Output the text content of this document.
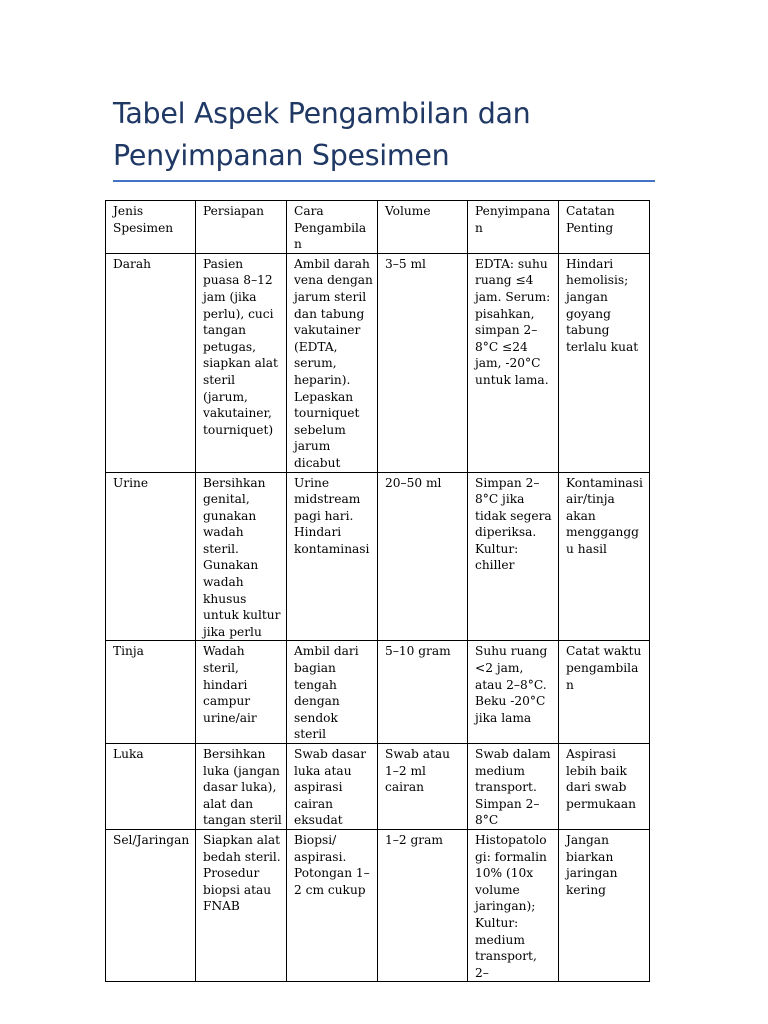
Tabel Aspek Pengambilan dan Penyimpanan Spesimen
Jenis Spesimen	Persiapan	Cara Pengambilan	Volume	Penyimpanan	Catatan Penting
Darah	Pasien puasa 8–12 jam (jika perlu), cuci tangan petugas, siapkan alat steril (jarum, vakutainer, tourniquet)	Ambil darah vena dengan jarum steril dan tabung vakutainer (EDTA, serum, heparin). Lepaskan tourniquet sebelum jarum dicabut	3–5 ml	EDTA: suhu ruang ≤4 jam. Serum: pisahkan, simpan 2–8°C ≤24 jam, -20°C untuk lama.	Hindari hemolisis; jangan goyang tabung terlalu kuat
Urine	Bersihkan genital, gunakan wadah steril. Gunakan wadah khusus untuk kultur jika perlu	Urine midstream pagi hari. Hindari kontaminasi	20–50 ml	Simpan 2–8°C jika tidak segera diperiksa. Kultur: chiller	Kontaminasi air/tinja akan mengganggu hasil
Tinja	Wadah steril, hindari campur urine/air	Ambil dari bagian tengah dengan sendok steril	5–10 gram	Suhu ruang <2 jam, atau 2–8°C. Beku -20°C jika lama	Catat waktu pengambilan
Luka	Bersihkan luka (jangan dasar luka), alat dan tangan steril	Swab dasar luka atau aspirasi cairan eksudat	Swab atau 1–2 ml cairan	Swab dalam medium transport. Simpan 2–8°C	Aspirasi lebih baik dari swab permukaan
Sel/Jaringan	Siapkan alat bedah steril. Prosedur biopsi atau FNAB	Biopsi/ aspirasi. Potongan 1–2 cm cukup	1–2 gram	Histopatologi: formalin 10% (10x volume jaringan); Kultur: medium transport, 2–	Jangan biarkan jaringan kering
